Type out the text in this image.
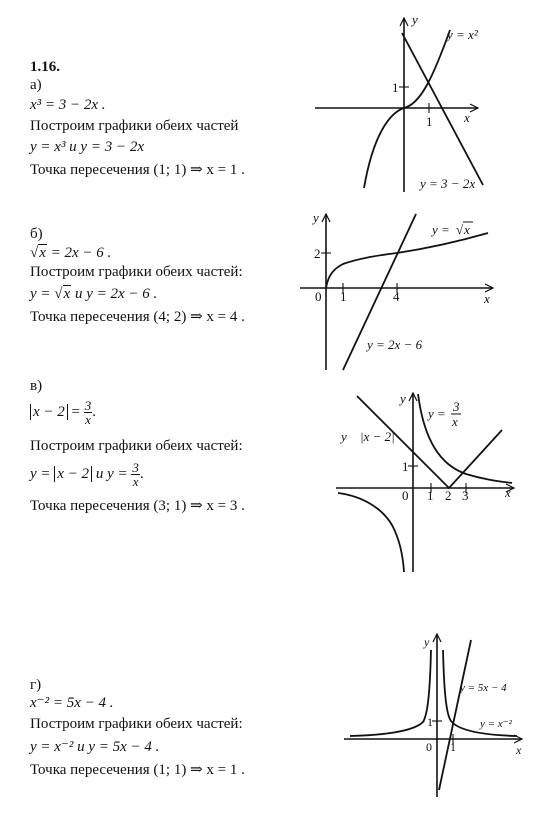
1.16.
а)
x³ = 3 − 2x .
Построим графики обеих частей
y = x³ и y = 3 − 2x
Точка пересечения (1; 1) ⇒ x = 1 .
y
x
1
1
y = x²
y = 3 − 2x
б)
√x = 2x − 6 .
Построим графики обеих частей:
y = √x и y = 2x − 6 .
Точка пересечения (4; 2) ⇒ x = 4 .
y
x
0 1	4
2
y = √ x
y = 2x − 6
в)
$x - 2 = \frac{3}{x}$ .
Построим графики обеих частей:
y = x − 2 и $y = \frac{3}{x}$ .
Точка пересечения (3; 1) ⇒ x = 3 .
y
x
0 1 2 3
1
y |x − 2|
y = 3
x
г)
x⁻² = 5x − 4 .
Построим графики обеих частей:
y = x⁻² и y = 5x − 4 .
Точка пересечения (1; 1) ⇒ x = 1 .
y
x
0 1
1
y = 5x − 4
y = x⁻²
